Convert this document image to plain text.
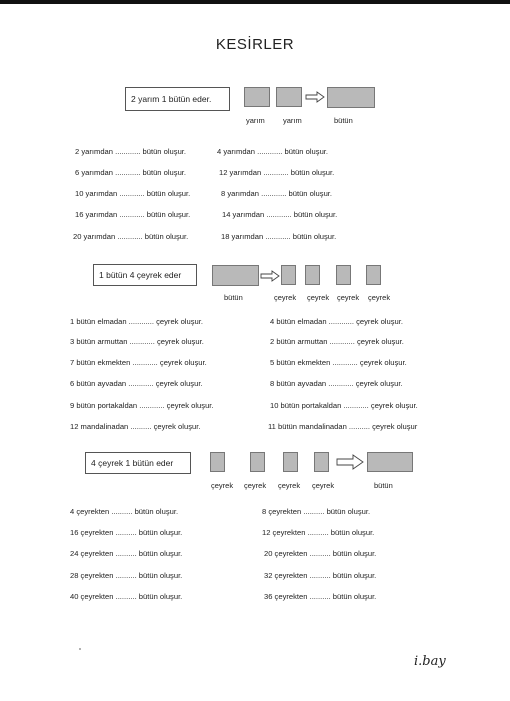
KESİRLER
2 yarım 1 bütün eder.
yarım yarım	bütün
2 yarımdan ............ bütün oluşur.
6 yarımdan ............ bütün oluşur.
10 yarımdan ............ bütün oluşur.
16 yarımdan ............ bütün oluşur.
20 yarımdan ............ bütün oluşur.
4 yarımdan ............ bütün oluşur.
12 yarımdan ............ bütün oluşur.
8 yarımdan ............ bütün oluşur.
14 yarımdan ............ bütün oluşur.
18 yarımdan ............ bütün oluşur.
1 bütün 4 çeyrek eder
bütün	çeyrek çeyrek çeyrek çeyrek
1 bütün elmadan ............ çeyrek oluşur.
3 bütün armuttan ............ çeyrek oluşur.
7 bütün ekmekten ............ çeyrek oluşur.
6 bütün ayvadan ............ çeyrek oluşur.
9 bütün portakaldan ............ çeyrek oluşur.
12 mandalinadan .......... çeyrek oluşur.
4 bütün elmadan ............ çeyrek oluşur.
2 bütün armuttan ............ çeyrek oluşur.
5 bütün ekmekten ............ çeyrek oluşur.
8 bütün ayvadan ............ çeyrek oluşur.
10 bütün portakaldan ............ çeyrek oluşur.
11 bütün mandalinadan .......... çeyrek oluşur
4 çeyrek 1 bütün eder
çeyrek çeyrek çeyrek çeyrek	bütün
4 çeyrekten .......... bütün oluşur.
16 çeyrekten .......... bütün oluşur.
24 çeyrekten .......... bütün oluşur.
28 çeyrekten .......... bütün oluşur.
40 çeyrekten .......... bütün oluşur.
8 çeyrekten .......... bütün oluşur.
12 çeyrekten .......... bütün oluşur.
20 çeyrekten .......... bütün oluşur.
32 çeyrekten .......... bütün oluşur.
36 çeyrekten .......... bütün oluşur.
i.bay
